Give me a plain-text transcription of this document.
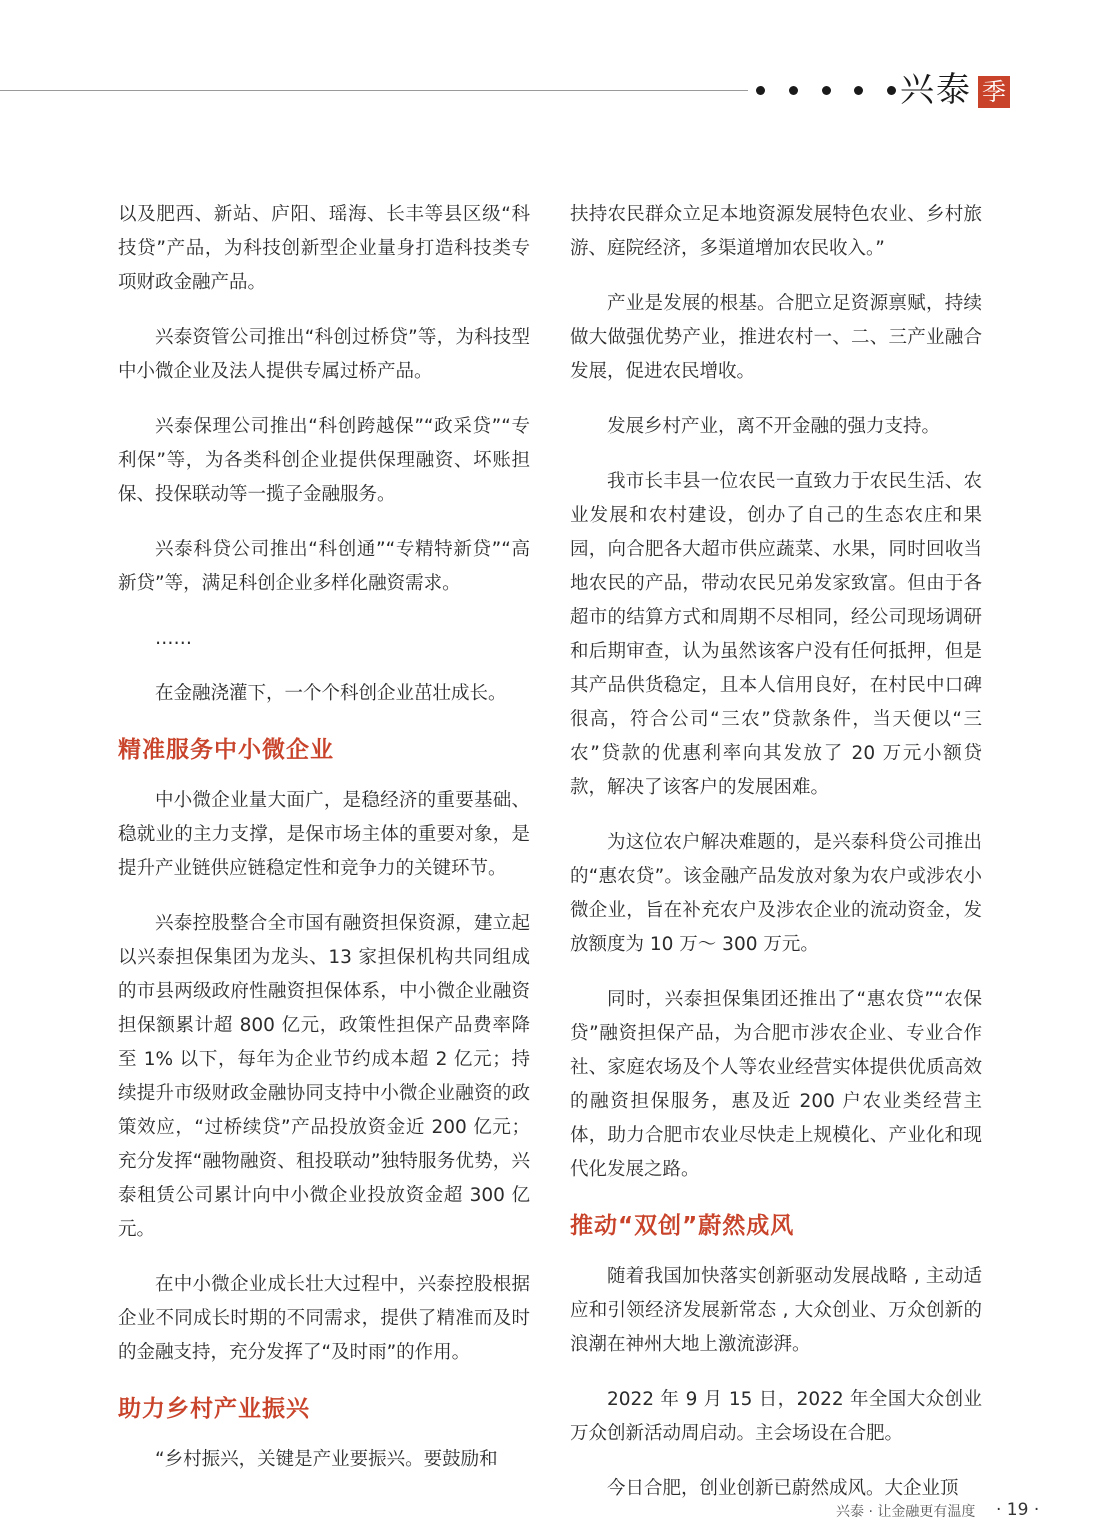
兴泰 季

以及肥西、新站、庐阳、瑶海、长丰等县区级“科技贷”产品，为科技创新型企业量身打造科技类专项财政金融产品。

兴泰资管公司推出“科创过桥贷”等，为科技型中小微企业及法人提供专属过桥产品。

兴泰保理公司推出“科创跨越保”“政采贷”“专利保”等，为各类科创企业提供保理融资、坏账担保、投保联动等一揽子金融服务。

兴泰科贷公司推出“科创通”“专精特新贷”“高新贷”等，满足科创企业多样化融资需求。

……

在金融浇灌下，一个个科创企业茁壮成长。

精准服务中小微企业

中小微企业量大面广，是稳经济的重要基础、稳就业的主力支撑，是保市场主体的重要对象，是提升产业链供应链稳定性和竞争力的关键环节。

兴泰控股整合全市国有融资担保资源，建立起以兴泰担保集团为龙头、13 家担保机构共同组成的市县两级政府性融资担保体系，中小微企业融资担保额累计超 800 亿元，政策性担保产品费率降至 1% 以下，每年为企业节约成本超 2 亿元；持续提升市级财政金融协同支持中小微企业融资的政策效应，“过桥续贷”产品投放资金近 200 亿元；充分发挥“融物融资、租投联动”独特服务优势，兴泰租赁公司累计向中小微企业投放资金超 300 亿元。

在中小微企业成长壮大过程中，兴泰控股根据企业不同成长时期的不同需求，提供了精准而及时的金融支持，充分发挥了“及时雨”的作用。

助力乡村产业振兴

“乡村振兴，关键是产业要振兴。要鼓励和

扶持农民群众立足本地资源发展特色农业、乡村旅游、庭院经济，多渠道增加农民收入。”

产业是发展的根基。合肥立足资源禀赋，持续做大做强优势产业，推进农村一、二、三产业融合发展，促进农民增收。

发展乡村产业，离不开金融的强力支持。

我市长丰县一位农民一直致力于农民生活、农业发展和农村建设，创办了自己的生态农庄和果园，向合肥各大超市供应蔬菜、水果，同时回收当地农民的产品，带动农民兄弟发家致富。但由于各超市的结算方式和周期不尽相同，经公司现场调研和后期审查，认为虽然该客户没有任何抵押，但是其产品供货稳定，且本人信用良好，在村民中口碑很高，符合公司“三农”贷款条件，当天便以“三农”贷款的优惠利率向其发放了 20 万元小额贷款，解决了该客户的发展困难。

为这位农户解决难题的，是兴泰科贷公司推出的“惠农贷”。该金融产品发放对象为农户或涉农小微企业，旨在补充农户及涉农企业的流动资金，发放额度为 10 万～ 300 万元。

同时，兴泰担保集团还推出了“惠农贷”“农保贷”融资担保产品，为合肥市涉农企业、专业合作社、家庭农场及个人等农业经营实体提供优质高效的融资担保服务，惠及近 200 户农业类经营主体，助力合肥市农业尽快走上规模化、产业化和现代化发展之路。

推动“双创”蔚然成风

随着我国加快落实创新驱动发展战略 , 主动适应和引领经济发展新常态 , 大众创业、万众创新的浪潮在神州大地上激流澎湃。

2022 年 9 月 15 日，2022 年全国大众创业万众创新活动周启动。主会场设在合肥。

今日合肥，创业创新已蔚然成风。大企业顶

兴泰 · 让金融更有温度 · 19 ·
